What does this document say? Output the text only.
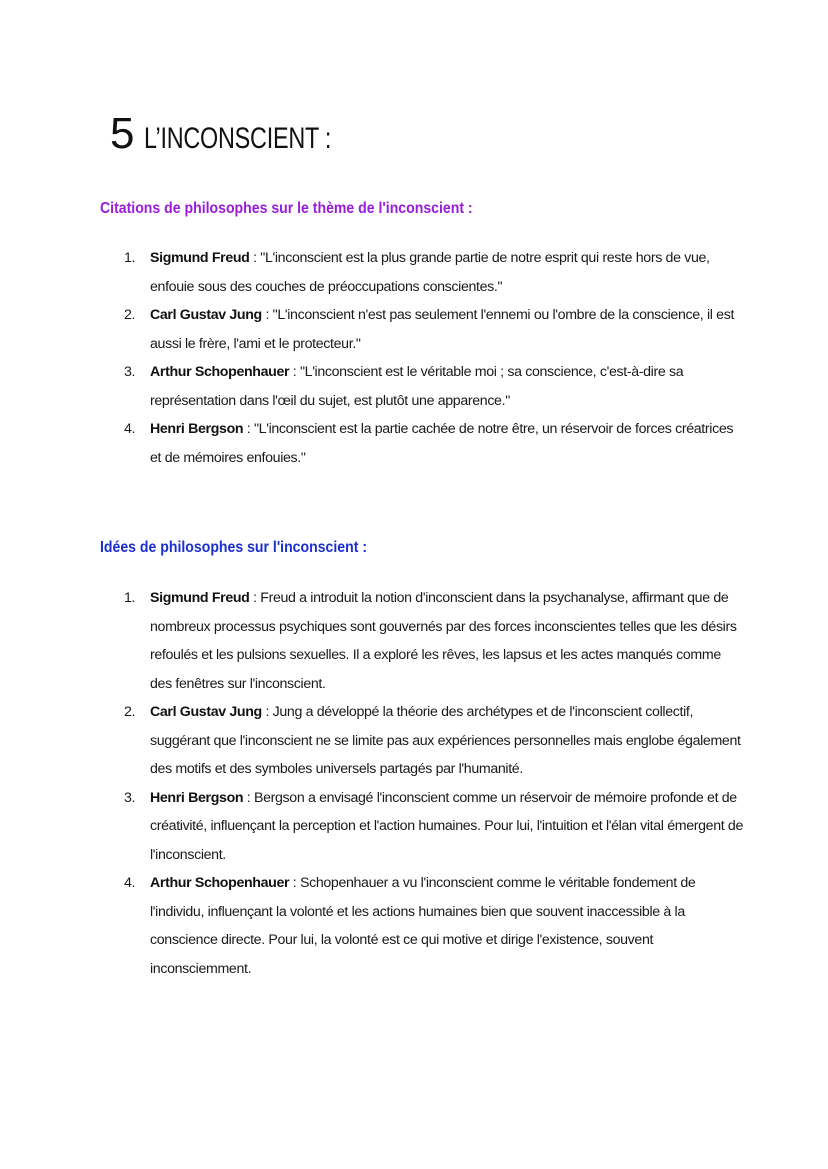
5 L’INCONSCIENT :
Citations de philosophes sur le thème de l'inconscient :
1. Sigmund Freud : "L'inconscient est la plus grande partie de notre esprit qui reste hors de vue, enfouie sous des couches de préoccupations conscientes."
2. Carl Gustav Jung : "L'inconscient n'est pas seulement l'ennemi ou l'ombre de la conscience, il est aussi le frère, l'ami et le protecteur."
3. Arthur Schopenhauer : "L'inconscient est le véritable moi ; sa conscience, c'est-à-dire sa représentation dans l'œil du sujet, est plutôt une apparence."
4. Henri Bergson : "L'inconscient est la partie cachée de notre être, un réservoir de forces créatrices et de mémoires enfouies."
Idées de philosophes sur l'inconscient :
1. Sigmund Freud : Freud a introduit la notion d'inconscient dans la psychanalyse, affirmant que de nombreux processus psychiques sont gouvernés par des forces inconscientes telles que les désirs refoulés et les pulsions sexuelles. Il a exploré les rêves, les lapsus et les actes manqués comme des fenêtres sur l'inconscient.
2. Carl Gustav Jung : Jung a développé la théorie des archétypes et de l'inconscient collectif, suggérant que l'inconscient ne se limite pas aux expériences personnelles mais englobe également des motifs et des symboles universels partagés par l'humanité.
3. Henri Bergson : Bergson a envisagé l'inconscient comme un réservoir de mémoire profonde et de créativité, influençant la perception et l'action humaines. Pour lui, l'intuition et l'élan vital émergent de l'inconscient.
4. Arthur Schopenhauer : Schopenhauer a vu l'inconscient comme le véritable fondement de l'individu, influençant la volonté et les actions humaines bien que souvent inaccessible à la conscience directe. Pour lui, la volonté est ce qui motive et dirige l'existence, souvent inconsciemment.
